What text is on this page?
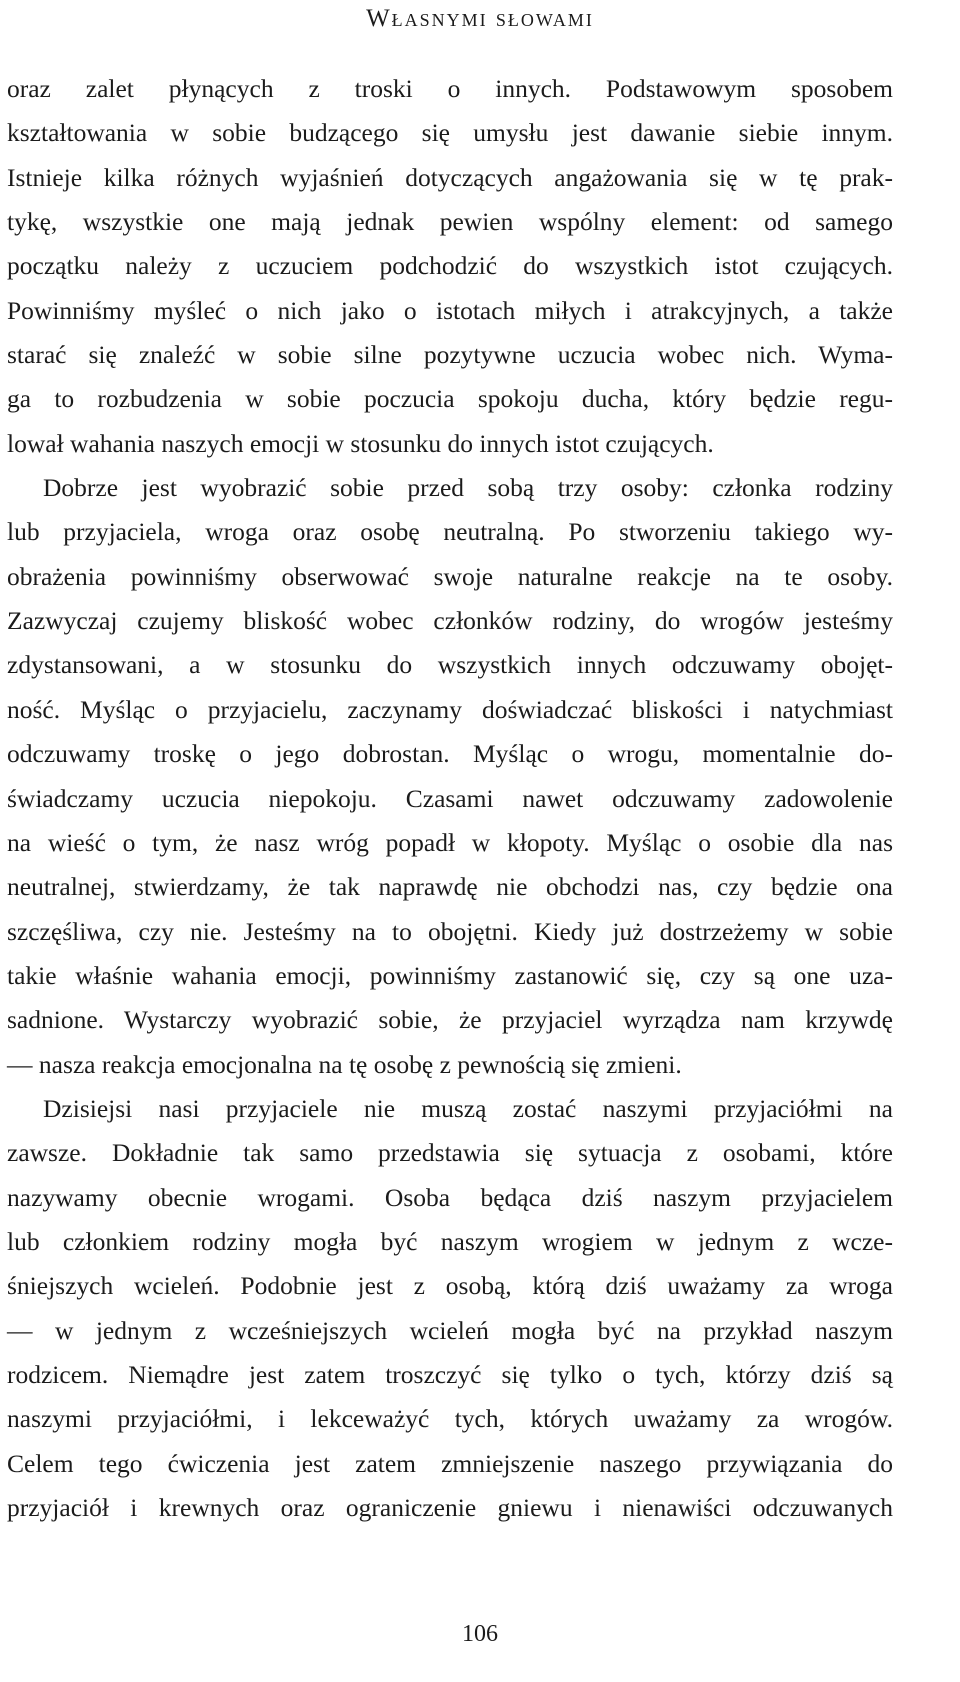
Własnymi słowami
oraz zalet płynących z troski o innych. Podstawowym sposobem
kształtowania w sobie budzącego się umysłu jest dawanie siebie innym.
Istnieje kilka różnych wyjaśnień dotyczących angażowania się w tę prak-
tykę, wszystkie one mają jednak pewien wspólny element: od samego
początku należy z uczuciem podchodzić do wszystkich istot czujących.
Powinniśmy myśleć o nich jako o istotach miłych i atrakcyjnych, a także
starać się znaleźć w sobie silne pozytywne uczucia wobec nich. Wyma-
ga to rozbudzenia w sobie poczucia spokoju ducha, który będzie regu-
lował wahania naszych emocji w stosunku do innych istot czujących.
Dobrze jest wyobrazić sobie przed sobą trzy osoby: członka rodziny
lub przyjaciela, wroga oraz osobę neutralną. Po stworzeniu takiego wy-
obrażenia powinniśmy obserwować swoje naturalne reakcje na te osoby.
Zazwyczaj czujemy bliskość wobec członków rodziny, do wrogów jesteśmy
zdystansowani, a w stosunku do wszystkich innych odczuwamy obojęt-
ność. Myśląc o przyjacielu, zaczynamy doświadczać bliskości i natychmiast
odczuwamy troskę o jego dobrostan. Myśląc o wrogu, momentalnie do-
świadczamy uczucia niepokoju. Czasami nawet odczuwamy zadowolenie
na wieść o tym, że nasz wróg popadł w kłopoty. Myśląc o osobie dla nas
neutralnej, stwierdzamy, że tak naprawdę nie obchodzi nas, czy będzie ona
szczęśliwa, czy nie. Jesteśmy na to obojętni. Kiedy już dostrzeżemy w sobie
takie właśnie wahania emocji, powinniśmy zastanowić się, czy są one uza-
sadnione. Wystarczy wyobrazić sobie, że przyjaciel wyrządza nam krzywdę
— nasza reakcja emocjonalna na tę osobę z pewnością się zmieni.
Dzisiejsi nasi przyjaciele nie muszą zostać naszymi przyjaciółmi na
zawsze. Dokładnie tak samo przedstawia się sytuacja z osobami, które
nazywamy obecnie wrogami. Osoba będąca dziś naszym przyjacielem
lub członkiem rodziny mogła być naszym wrogiem w jednym z wcze-
śniejszych wcieleń. Podobnie jest z osobą, którą dziś uważamy za wroga
— w jednym z wcześniejszych wcieleń mogła być na przykład naszym
rodzicem. Niemądre jest zatem troszczyć się tylko o tych, którzy dziś są
naszymi przyjaciółmi, i lekceważyć tych, których uważamy za wrogów.
Celem tego ćwiczenia jest zatem zmniejszenie naszego przywiązania do
przyjaciół i krewnych oraz ograniczenie gniewu i nienawiści odczuwanych
106
